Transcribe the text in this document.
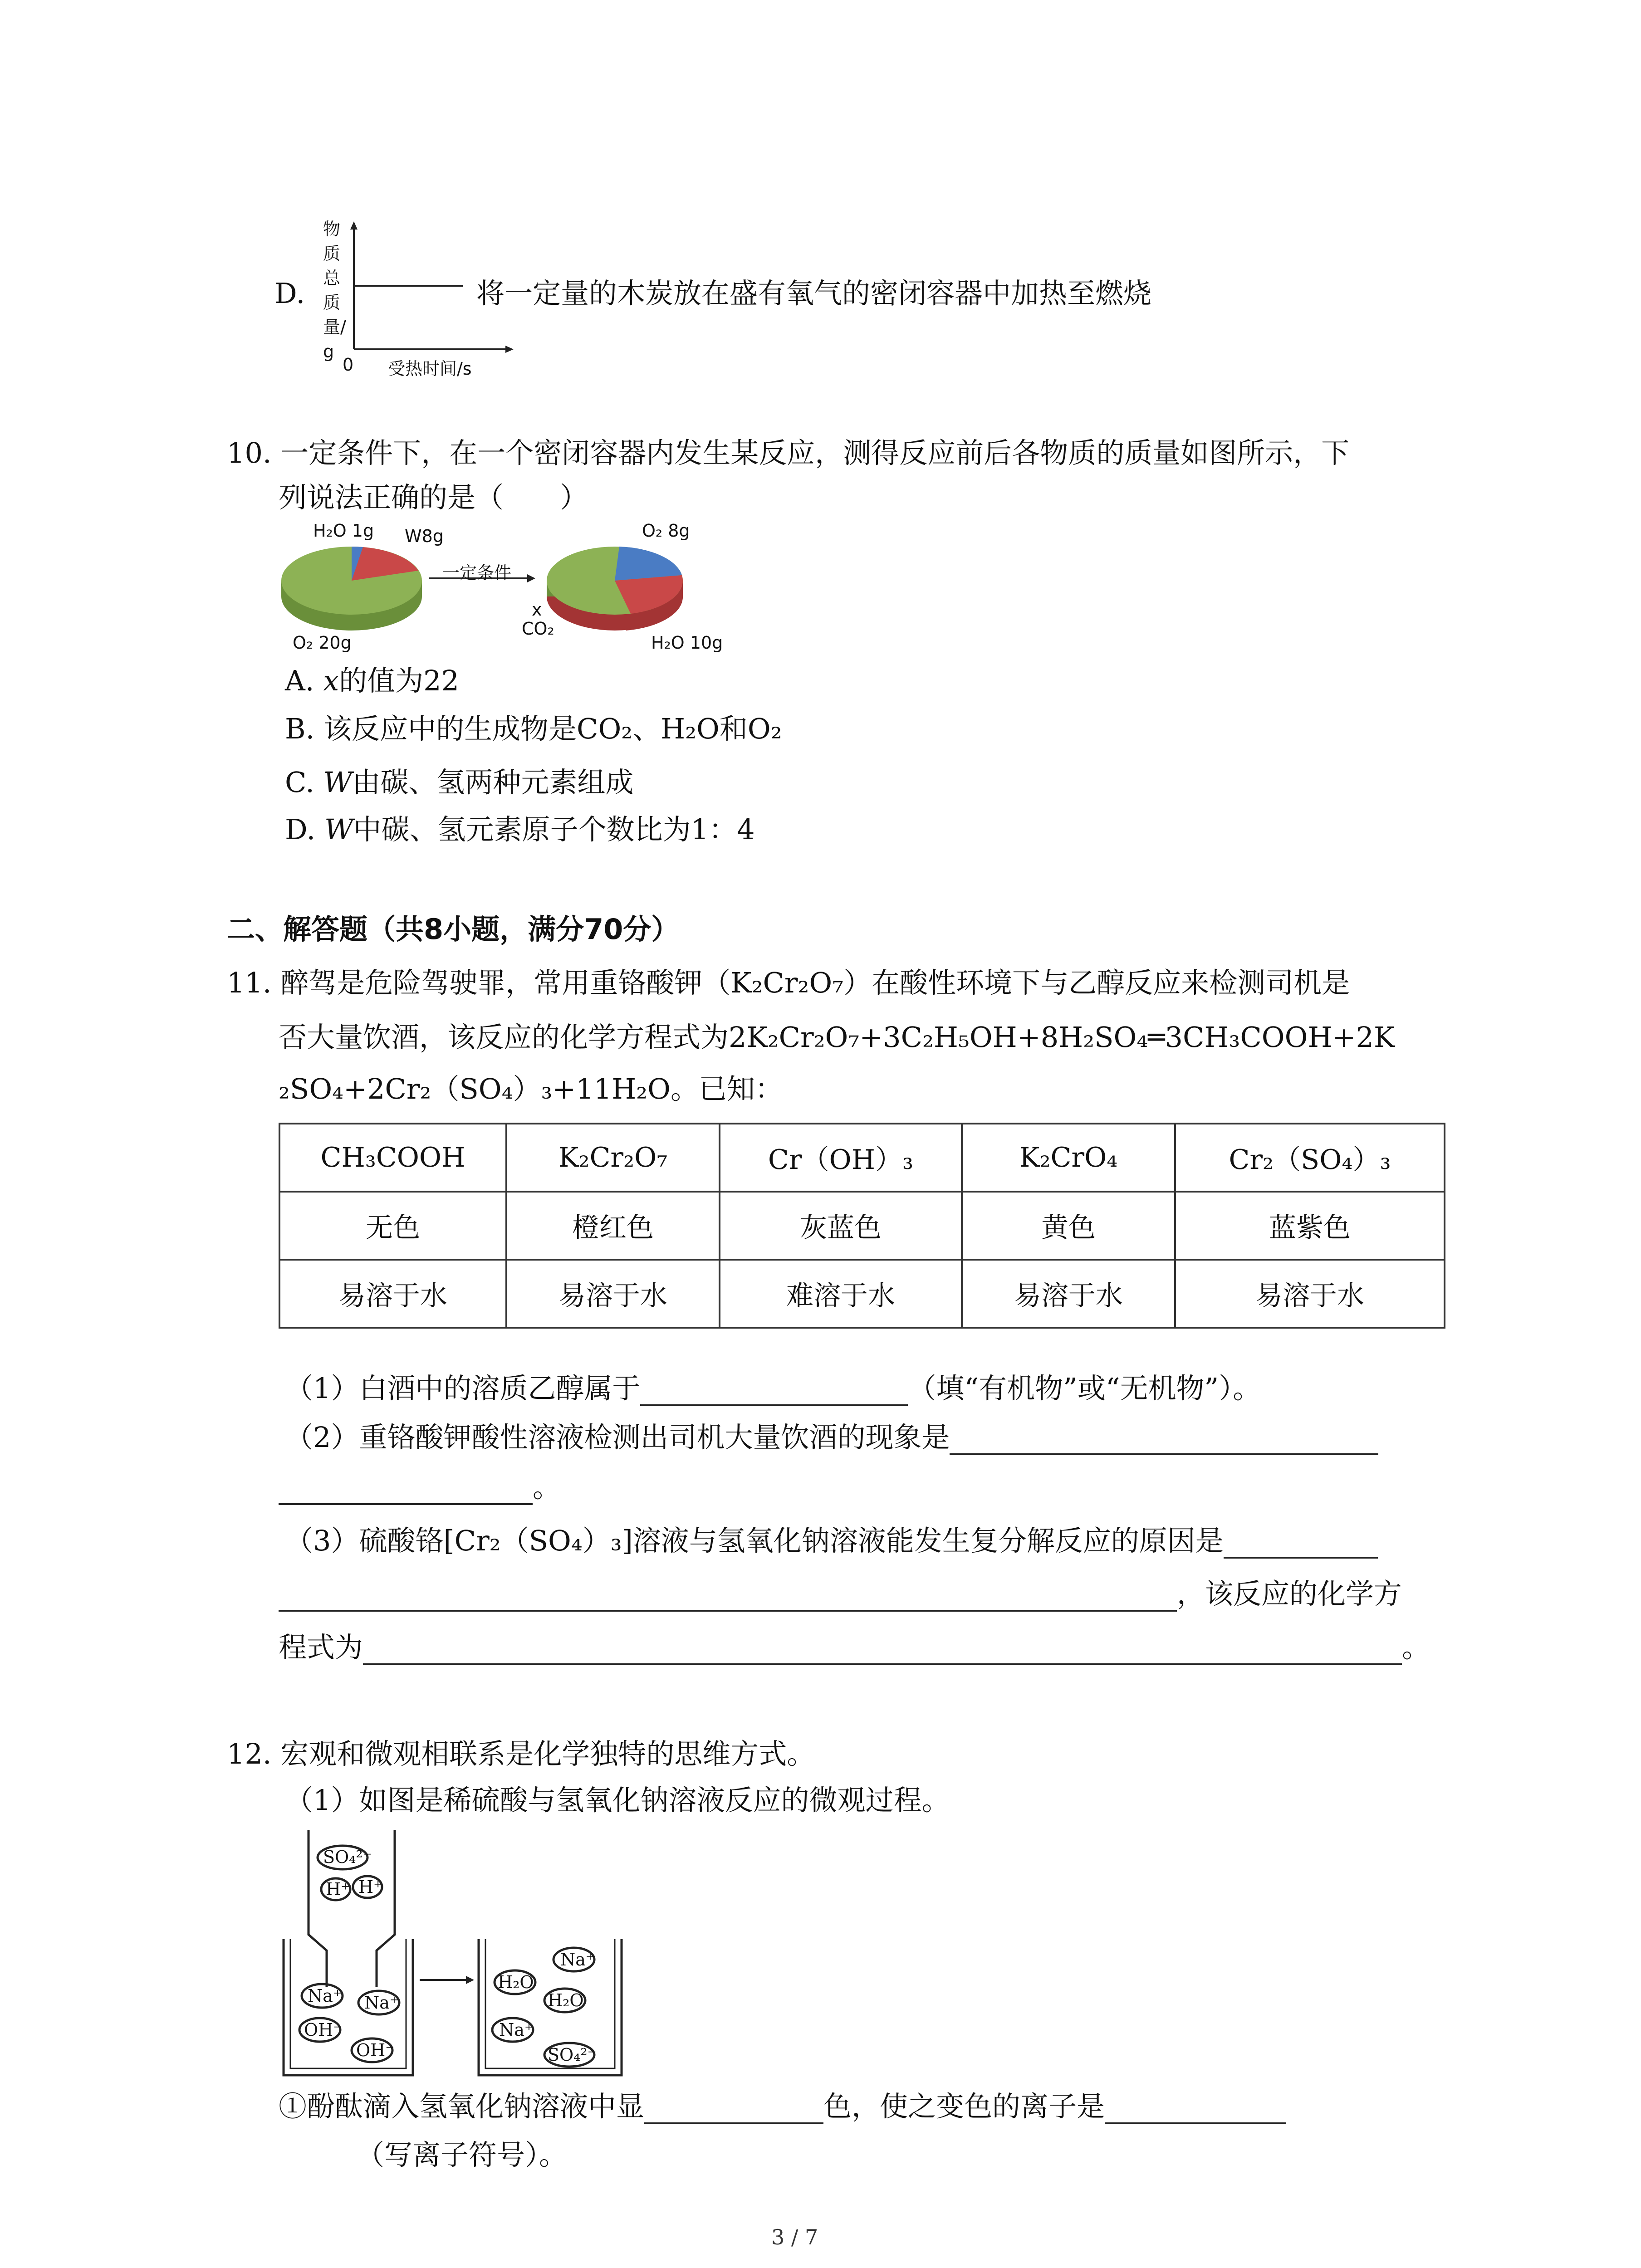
物质总质量/g
0 受热时间/s
D.	将一定量的木炭放在盛有氧气的密闭容器中加热至燃烧
10. 一定条件下，在一个密闭容器内发生某反应，测得反应前后各物质的质量如图所示，下
列说法正确的是（　　）
H₂O 1g W8g
O₂ 20g
一定条件
O₂ 8g
x
CO₂
H₂O 10g
A. x的值为22
B. 该反应中的生成物是CO₂、H₂O和O₂
C. W由碳、氢两种元素组成
D. W中碳、氢元素原子个数比为1：4
二、解答题（共8小题，满分70分）
11. 醉驾是危险驾驶罪，常用重铬酸钾（K₂Cr₂O₇）在酸性环境下与乙醇反应来检测司机是
否大量饮酒，该反应的化学方程式为2K₂Cr₂O₇+3C₂H₅OH+8H₂SO₄═3CH₃COOH+2K
₂SO₄+2Cr₂（SO₄）₃+11H₂O。已知：
CH₃COOH	K₂Cr₂O₇	Cr（OH）₃	K₂CrO₄	Cr₂（SO₄）₃
无色	橙红色	灰蓝色	黄色	蓝紫色
易溶于水	易溶于水	难溶于水	易溶于水	易溶于水
（1）白酒中的溶质乙醇属于	（填“有机物”或“无机物”）。
（2）重铬酸钾酸性溶液检测出司机大量饮酒的现象是
。
（3）硫酸铬[Cr₂（SO₄）₃]溶液与氢氧化钠溶液能发生复分解反应的原因是
，该反应的化学方
程式为	。
12. 宏观和微观相联系是化学独特的思维方式。
（1）如图是稀硫酸与氢氧化钠溶液反应的微观过程。
SO₄²⁻
H⁺ H⁺
Na⁺ Na⁺
OH⁻
OH⁻
Na⁺
H₂O
H₂O
Na⁺
SO₄²⁻
①酚酞滴入氢氧化钠溶液中显	色，使之变色的离子是
（写离子符号）。
3 / 7
